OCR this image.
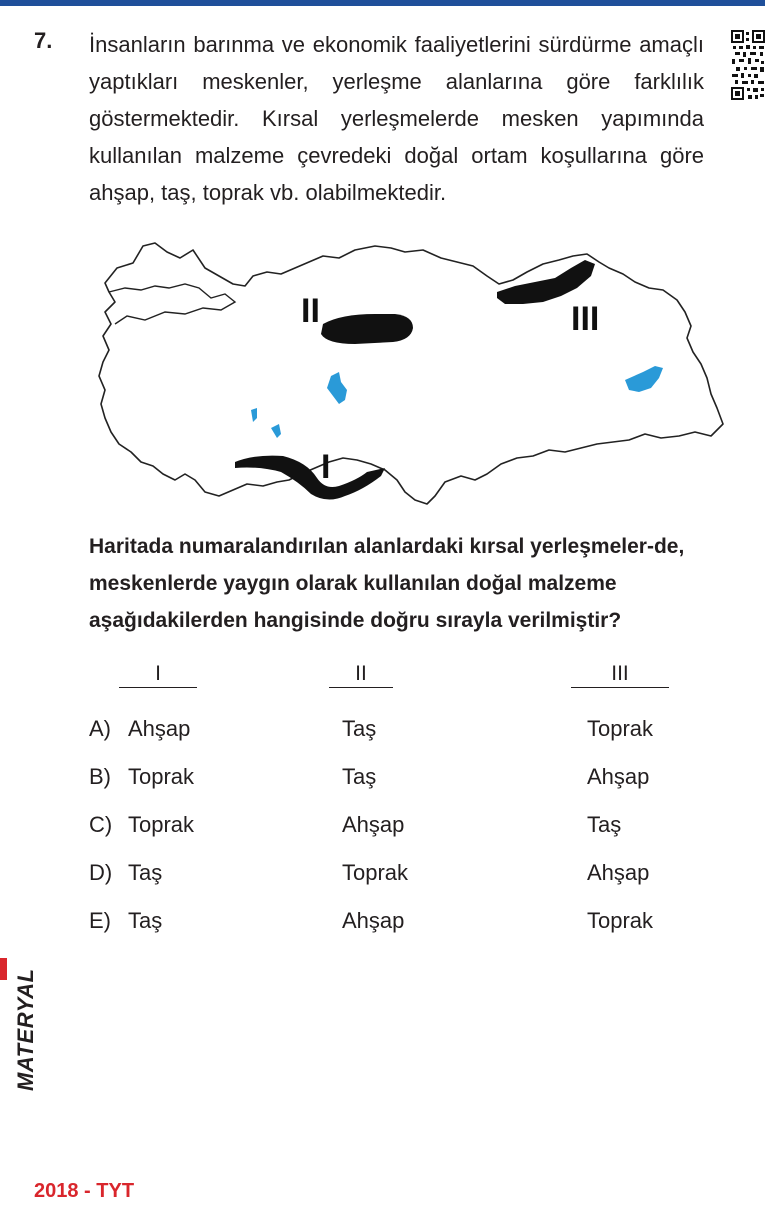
7. İnsanların barınma ve ekonomik faaliyetlerini sürdürme amaçlı yaptıkları meskenler, yerleşme alanlarına göre farklılık göstermektedir. Kırsal yerleşmelerde mesken yapımında kullanılan malzeme çevredeki doğal ortam koşullarına göre ahşap, taş, toprak vb. olabilmektedir.

II	III
I

Haritada numaralandırılan alanlardaki kırsal yerleşmeler-de, meskenlerde yaygın olarak kullanılan doğal malzeme aşağıdakilerden hangisinde doğru sırayla verilmiştir?

I	II	III
A) Ahşap	Taş	Toprak
B) Toprak	Taş	Ahşap
C) Toprak	Ahşap	Taş
D) Taş	Toprak	Ahşap
E) Taş	Ahşap	Toprak
MATERYAL
2018 - TYT
